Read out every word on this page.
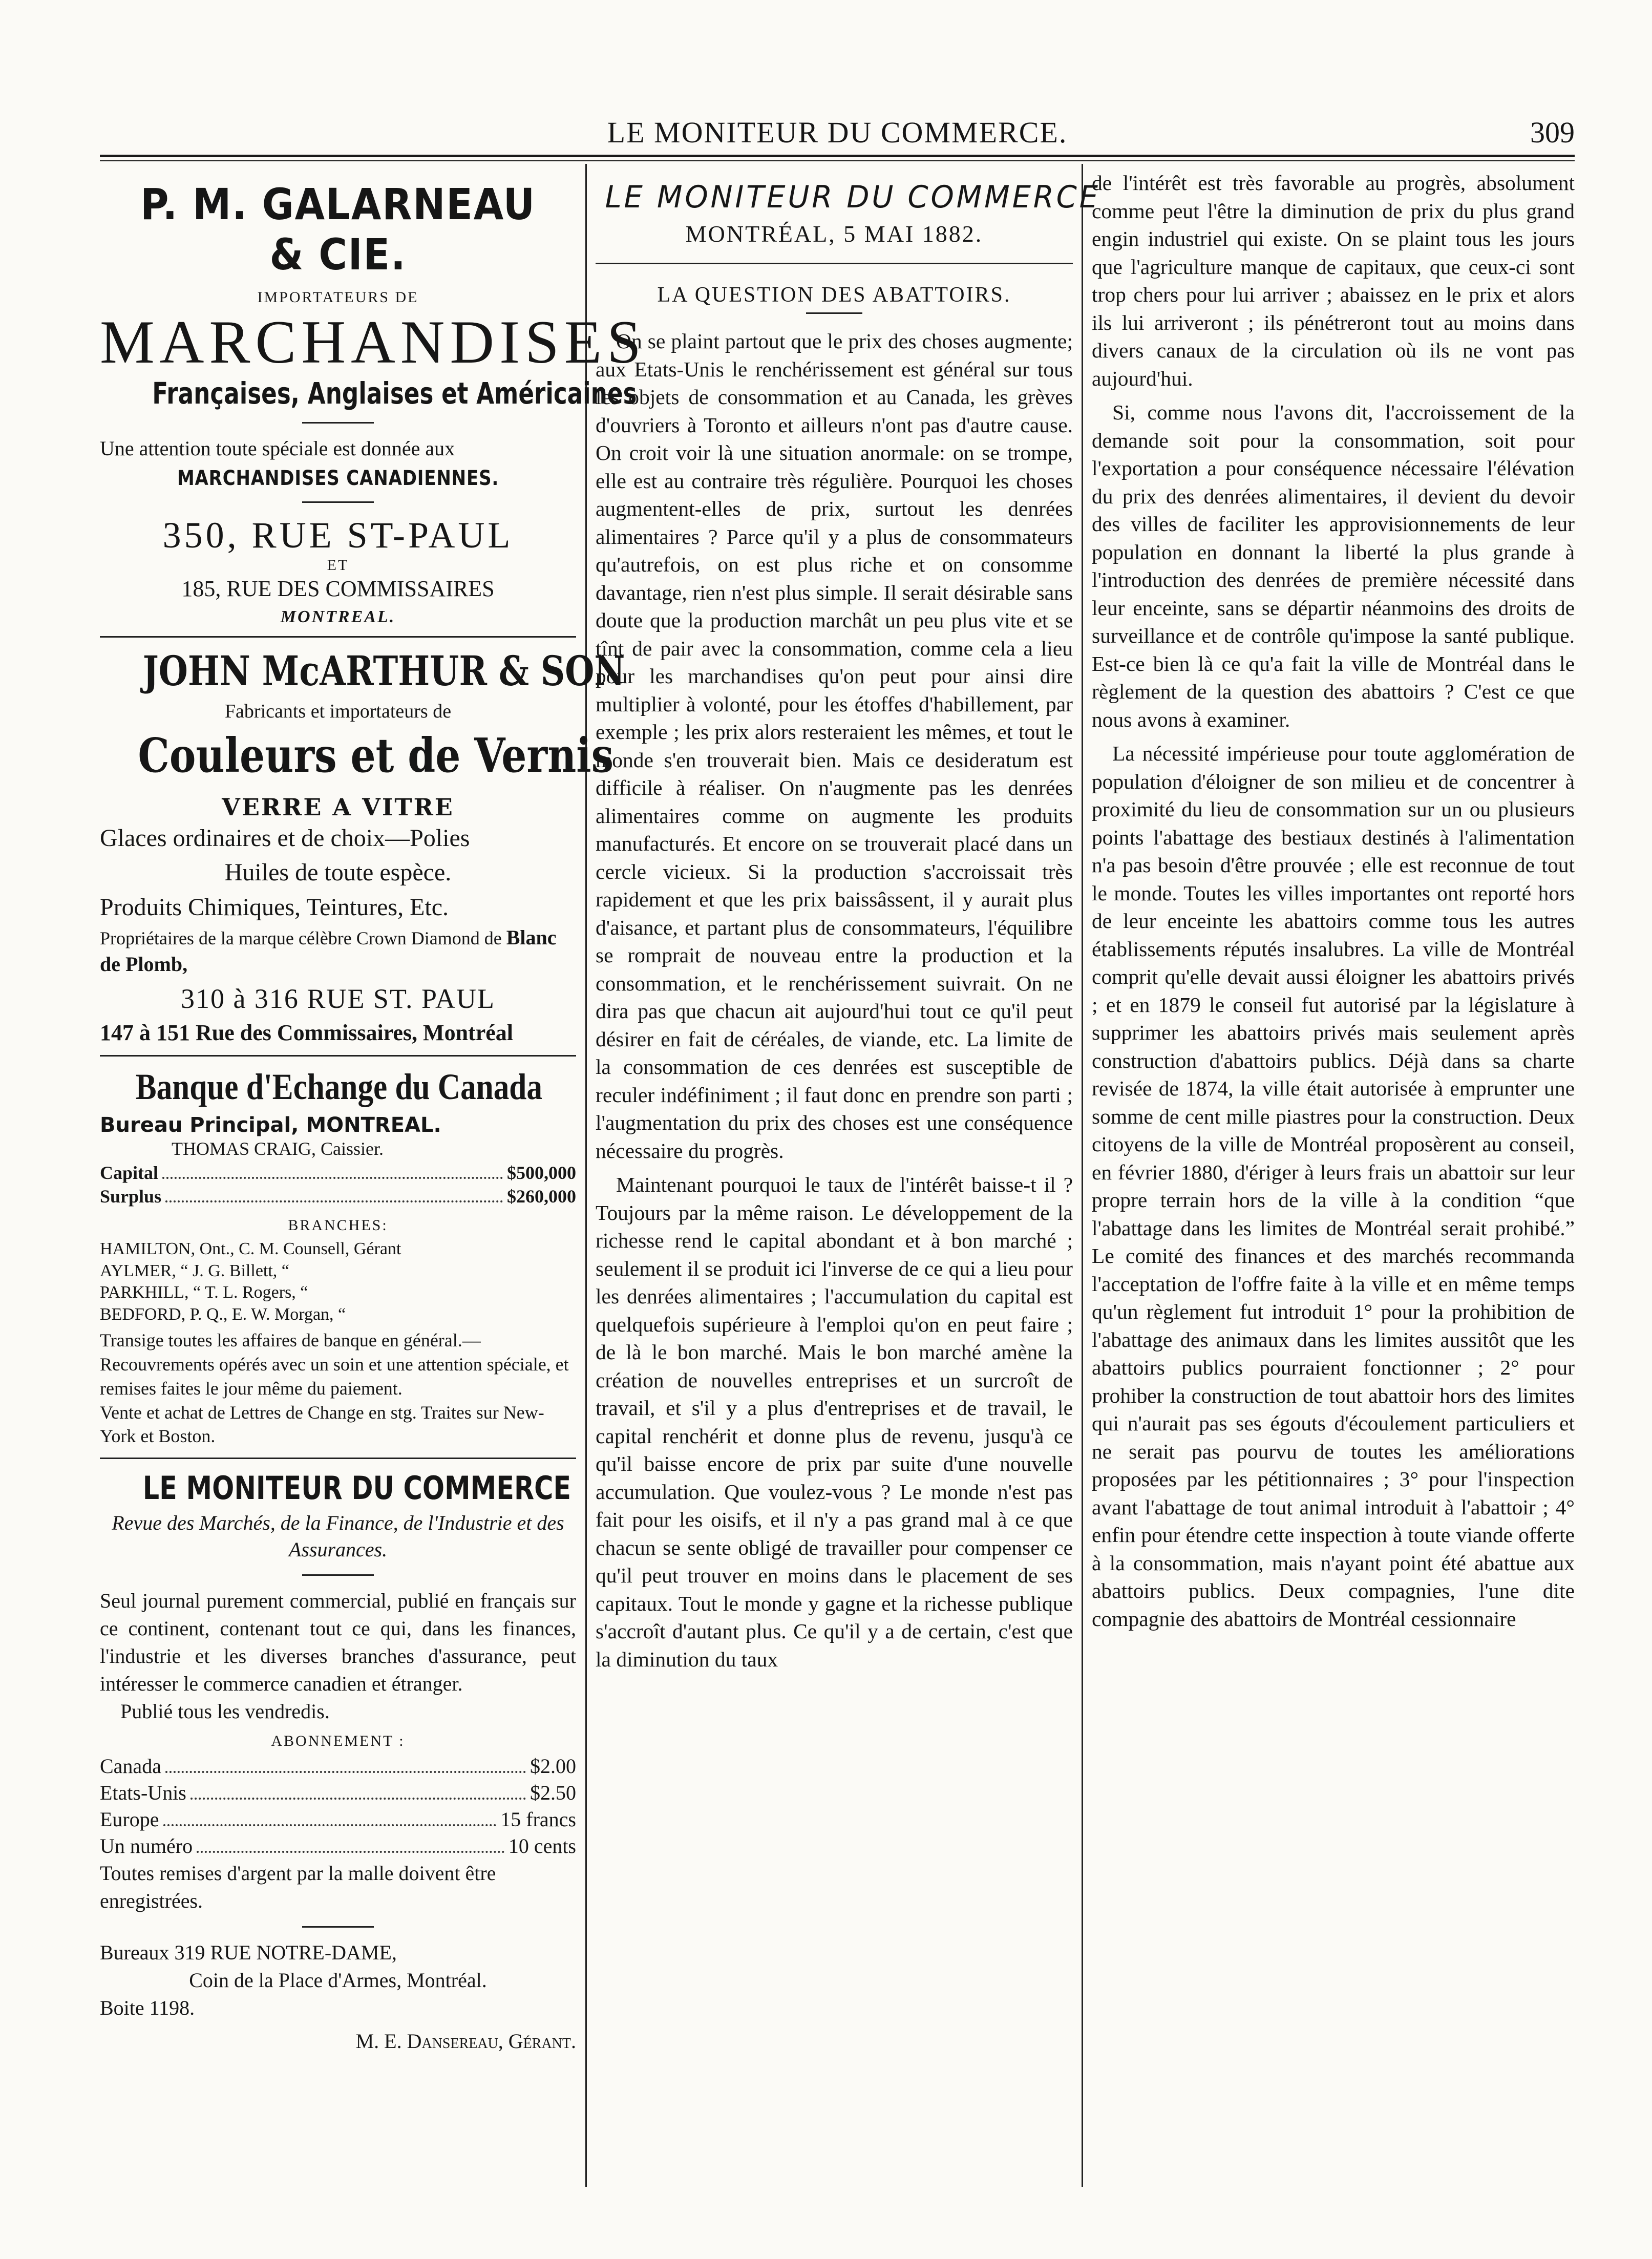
LE MONITEUR DU COMMERCE.	309
P. M. GALARNEAU & CIE.
IMPORTATEURS DE
MARCHANDISES
Françaises, Anglaises et Américaines
Une attention toute spéciale est donnée aux
MARCHANDISES CANADIENNES.
350, RUE ST-PAUL
ET
185, RUE DES COMMISSAIRES
MONTREAL.
JOHN McARTHUR & SON
Fabricants et importateurs de
Couleurs et de Vernis
VERRE A VITRE
Glaces ordinaires et de choix—Polies
Huiles de toute espèce.
Produits Chimiques, Teintures, Etc.
Propriétaires de la marque célèbre Crown Diamond de Blanc de Plomb,
310 à 316 RUE ST. PAUL
147 à 151 Rue des Commissaires, Montréal
Banque d'Echange du Canada
Bureau Principal, MONTREAL.
THOMAS CRAIG, Caissier.
Capital	$500,000
Surplus	$260,000
BRANCHES:
HAMILTON, Ont., C. M. Counsell, Gérant
AYLMER, “ J. G. Billett, “
PARKHILL, “ T. L. Rogers, “
BEDFORD, P. Q., E. W. Morgan, “
Transige toutes les affaires de banque en général.—Recouvrements opérés avec un soin et une attention spéciale, et remises faites le jour même du paiement.
Vente et achat de Lettres de Change en stg. Traites sur New-York et Boston.
LE MONITEUR DU COMMERCE
Revue des Marchés, de la Finance, de l'Industrie et des Assurances.
Seul journal purement commercial, publié en français sur ce continent, contenant tout ce qui, dans les finances, l'industrie et les diverses branches d'assurance, peut intéresser le commerce canadien et étranger.
Publié tous les vendredis.
ABONNEMENT :
Canada	$2.00
Etats-Unis	$2.50
Europe	15 francs
Un numéro	10 cents
Toutes remises d'argent par la malle doivent être enregistrées.
Bureaux 319 RUE NOTRE-DAME,
Coin de la Place d'Armes, Montréal.
Boite 1198.
M. E. Dansereau, Gérant.
LE MONITEUR DU COMMERCE
MONTRÉAL, 5 MAI 1882.
LA QUESTION DES ABATTOIRS.

On se plaint partout que le prix des choses augmente; aux Etats-Unis le renchérissement est général sur tous les objets de consommation et au Canada, les grèves d'ouvriers à Toronto et ailleurs n'ont pas d'autre cause. On croit voir là une situation anormale: on se trompe, elle est au contraire très régulière. Pourquoi les choses augmentent-elles de prix, surtout les denrées alimentaires ? Parce qu'il y a plus de consommateurs qu'autrefois, on est plus riche et on consomme davantage, rien n'est plus simple. Il serait désirable sans doute que la production marchât un peu plus vite et se tînt de pair avec la consommation, comme cela a lieu pour les marchandises qu'on peut pour ainsi dire multiplier à volonté, pour les étoffes d'habillement, par exemple ; les prix alors resteraient les mêmes, et tout le monde s'en trouverait bien. Mais ce desideratum est difficile à réaliser. On n'augmente pas les denrées alimentaires comme on augmente les produits manufacturés. Et encore on se trouverait placé dans un cercle vicieux. Si la production s'accroissait très rapidement et que les prix baissâssent, il y aurait plus d'aisance, et partant plus de consommateurs, l'équilibre se romprait de nouveau entre la production et la consommation, et le renchérissement suivrait. On ne dira pas que chacun ait aujourd'hui tout ce qu'il peut désirer en fait de céréales, de viande, etc. La limite de la consommation de ces denrées est susceptible de reculer indéfiniment ; il faut donc en prendre son parti ; l'augmentation du prix des choses est une conséquence nécessaire du progrès.

Maintenant pourquoi le taux de l'intérêt baisse-t il ? Toujours par la même raison. Le développement de la richesse rend le capital abondant et à bon marché ; seulement il se produit ici l'inverse de ce qui a lieu pour les denrées alimentaires ; l'accumulation du capital est quelquefois supérieure à l'emploi qu'on en peut faire ; de là le bon marché. Mais le bon marché amène la création de nouvelles entreprises et un surcroît de travail, et s'il y a plus d'entreprises et de travail, le capital renchérit et donne plus de revenu, jusqu'à ce qu'il baisse encore de prix par suite d'une nouvelle accumulation. Que voulez-vous ? Le monde n'est pas fait pour les oisifs, et il n'y a pas grand mal à ce que chacun se sente obligé de travailler pour compenser ce qu'il peut trouver en moins dans le placement de ses capitaux. Tout le monde y gagne et la richesse publique s'accroît d'autant plus. Ce qu'il y a de certain, c'est que la diminution du taux

de l'intérêt est très favorable au progrès, absolument comme peut l'être la diminution de prix du plus grand engin industriel qui existe. On se plaint tous les jours que l'agriculture manque de capitaux, que ceux-ci sont trop chers pour lui arriver ; abaissez en le prix et alors ils lui arriveront ; ils pénétreront tout au moins dans divers canaux de la circulation où ils ne vont pas aujourd'hui.

Si, comme nous l'avons dit, l'accroissement de la demande soit pour la consommation, soit pour l'exportation a pour conséquence nécessaire l'élévation du prix des denrées alimentaires, il devient du devoir des villes de faciliter les approvisionnements de leur population en donnant la liberté la plus grande à l'introduction des denrées de première nécessité dans leur enceinte, sans se départir néanmoins des droits de surveillance et de contrôle qu'impose la santé publique. Est-ce bien là ce qu'a fait la ville de Montréal dans le règlement de la question des abattoirs ? C'est ce que nous avons à examiner.

La nécessité impérieuse pour toute agglomération de population d'éloigner de son milieu et de concentrer à proximité du lieu de consommation sur un ou plusieurs points l'abattage des bestiaux destinés à l'alimentation n'a pas besoin d'être prouvée ; elle est reconnue de tout le monde. Toutes les villes importantes ont reporté hors de leur enceinte les abattoirs comme tous les autres établissements réputés insalubres. La ville de Montréal comprit qu'elle devait aussi éloigner les abattoirs privés ; et en 1879 le conseil fut autorisé par la législature à supprimer les abattoirs privés mais seulement après construction d'abattoirs publics. Déjà dans sa charte revisée de 1874, la ville était autorisée à emprunter une somme de cent mille piastres pour la construction. Deux citoyens de la ville de Montréal proposèrent au conseil, en février 1880, d'ériger à leurs frais un abattoir sur leur propre terrain hors de la ville à la condition “que l'abattage dans les limites de Montréal serait prohibé.” Le comité des finances et des marchés recommanda l'acceptation de l'offre faite à la ville et en même temps qu'un règlement fut introduit 1° pour la prohibition de l'abattage des animaux dans les limites aussitôt que les abattoirs publics pourraient fonctionner ; 2° pour prohiber la construction de tout abattoir hors des limites qui n'aurait pas ses égouts d'écoulement particuliers et ne serait pas pourvu de toutes les améliorations proposées par les pétitionnaires ; 3° pour l'inspection avant l'abattage de tout animal introduit à l'abattoir ; 4° enfin pour étendre cette inspection à toute viande offerte à la consommation, mais n'ayant point été abattue aux abattoirs publics. Deux compagnies, l'une dite compagnie des abattoirs de Montréal cessionnaire
